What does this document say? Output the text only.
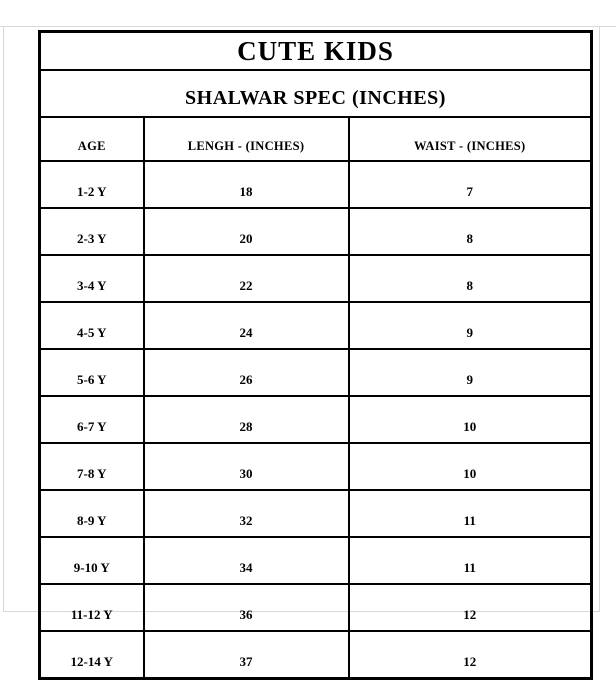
CUTE KIDS		
SHALWAR SPEC (INCHES)		
AGE	LENGH - (INCHES)	WAIST - (INCHES)
1-2 Y	18	7
2-3 Y	20	8
3-4 Y	22	8
4-5 Y	24	9
5-6 Y	26	9
6-7 Y	28	10
7-8 Y	30	10
8-9 Y	32	11
9-10 Y	34	11
11-12 Y	36	12
12-14 Y	37	12
